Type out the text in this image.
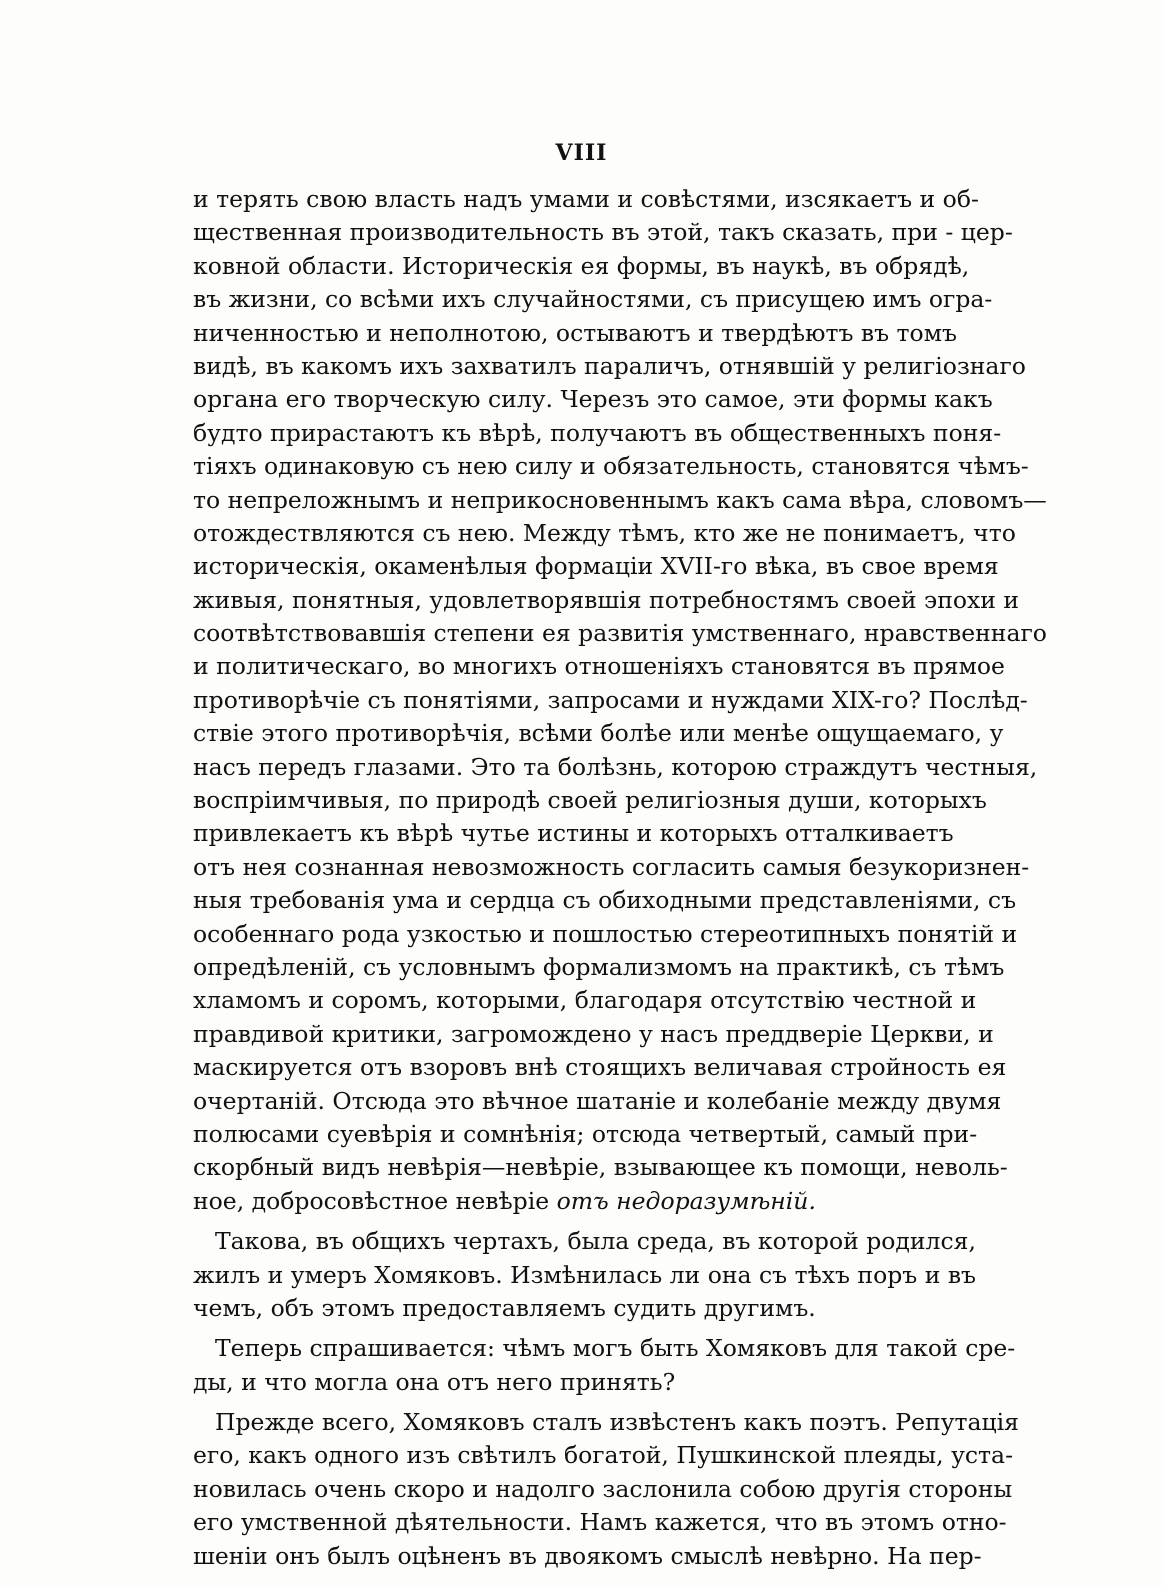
VIII
и терять свою власть надъ умами и совѣстями, изсякаетъ и об-
щественная производительность въ этой, такъ сказать, при - цер-
ковной области. Историческія ея формы, въ наукѣ, въ обрядѣ,
въ жизни, со всѣми ихъ случайностями, съ присущею имъ огра-
ниченностью и неполнотою, остываютъ и твердѣютъ въ томъ
видѣ, въ какомъ ихъ захватилъ параличъ, отнявшій у религіознаго
органа его творческую силу. Черезъ это самое, эти формы какъ
будто прирастаютъ къ вѣрѣ, получаютъ въ общественныхъ поня-
тіяхъ одинаковую съ нею силу и обязательность, становятся чѣмъ-
то непреложнымъ и неприкосновеннымъ какъ сама вѣра, словомъ—
отождествляются съ нею. Между тѣмъ, кто же не понимаетъ, что
историческія, окаменѣлыя формаціи XVII-го вѣка, въ свое время
живыя, понятныя, удовлетворявшія потребностямъ своей эпохи и
соотвѣтствовавшія степени ея развитія умственнаго, нравственнаго
и политическаго, во многихъ отношеніяхъ становятся въ прямое
противорѣчіе съ понятіями, запросами и нуждами XIX-го? Послѣд-
ствіе этого противорѣчія, всѣми болѣе или менѣе ощущаемаго, у
насъ передъ глазами. Это та болѣзнь, которою страждутъ честныя,
воспріимчивыя, по природѣ своей религіозныя души, которыхъ
привлекаетъ къ вѣрѣ чутье истины и которыхъ отталкиваетъ
отъ нея сознанная невозможность согласить самыя безукоризнен-
ныя требованія ума и сердца съ обиходными представленіями, съ
особеннаго рода узкостью и пошлостью стереотипныхъ понятій и
опредѣленій, съ условнымъ формализмомъ на практикѣ, съ тѣмъ
хламомъ и соромъ, которыми, благодаря отсутствію честной и
правдивой критики, загромождено у насъ преддверіе Церкви, и
маскируется отъ взоровъ внѣ стоящихъ величавая стройность ея
очертаній. Отсюда это вѣчное шатаніе и колебаніе между двумя
полюсами суевѣрія и сомнѣнія; отсюда четвертый, самый при-
скорбный видъ невѣрія—невѣріе, взывающее къ помощи, неволь-
ное, добросовѣстное невѣріе отъ недоразумѣній.
Такова, въ общихъ чертахъ, была среда, въ которой родился,
жилъ и умеръ Хомяковъ. Измѣнилась ли она съ тѣхъ поръ и въ
чемъ, объ этомъ предоставляемъ судить другимъ.
Теперь спрашивается: чѣмъ могъ быть Хомяковъ для такой сре-
ды, и что могла она отъ него принять?
Прежде всего, Хомяковъ сталъ извѣстенъ какъ поэтъ. Репутація
его, какъ одного изъ свѣтилъ богатой, Пушкинской плеяды, уста-
новилась очень скоро и надолго заслонила собою другія стороны
его умственной дѣятельности. Намъ кажется, что въ этомъ отно-
шеніи онъ былъ оцѣненъ въ двоякомъ смыслѣ невѣрно. На пер-
